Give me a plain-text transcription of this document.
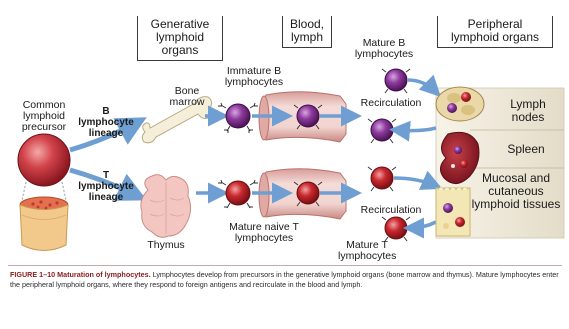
Generative lymphoid organs
Blood, lymph
Peripheral lymphoid organs
Common lymphoid precursor
B lymphocyte lineage
T lymphocyte lineage
Bone marrow
Thymus
Immature B lymphocytes
Mature naive T lymphocytes
Mature B lymphocytes
Mature T lymphocytes
Recirculation
Recirculation
Lymph nodes
Spleen
Mucosal and cutaneous lymphoid tissues
FIGURE 1–10 Maturation of lymphocytes. Lymphocytes develop from precursors in the generative lymphoid organs (bone marrow and thymus). Mature lymphocytes enter the peripheral lymphoid organs, where they respond to foreign antigens and recirculate in the blood and lymph.
